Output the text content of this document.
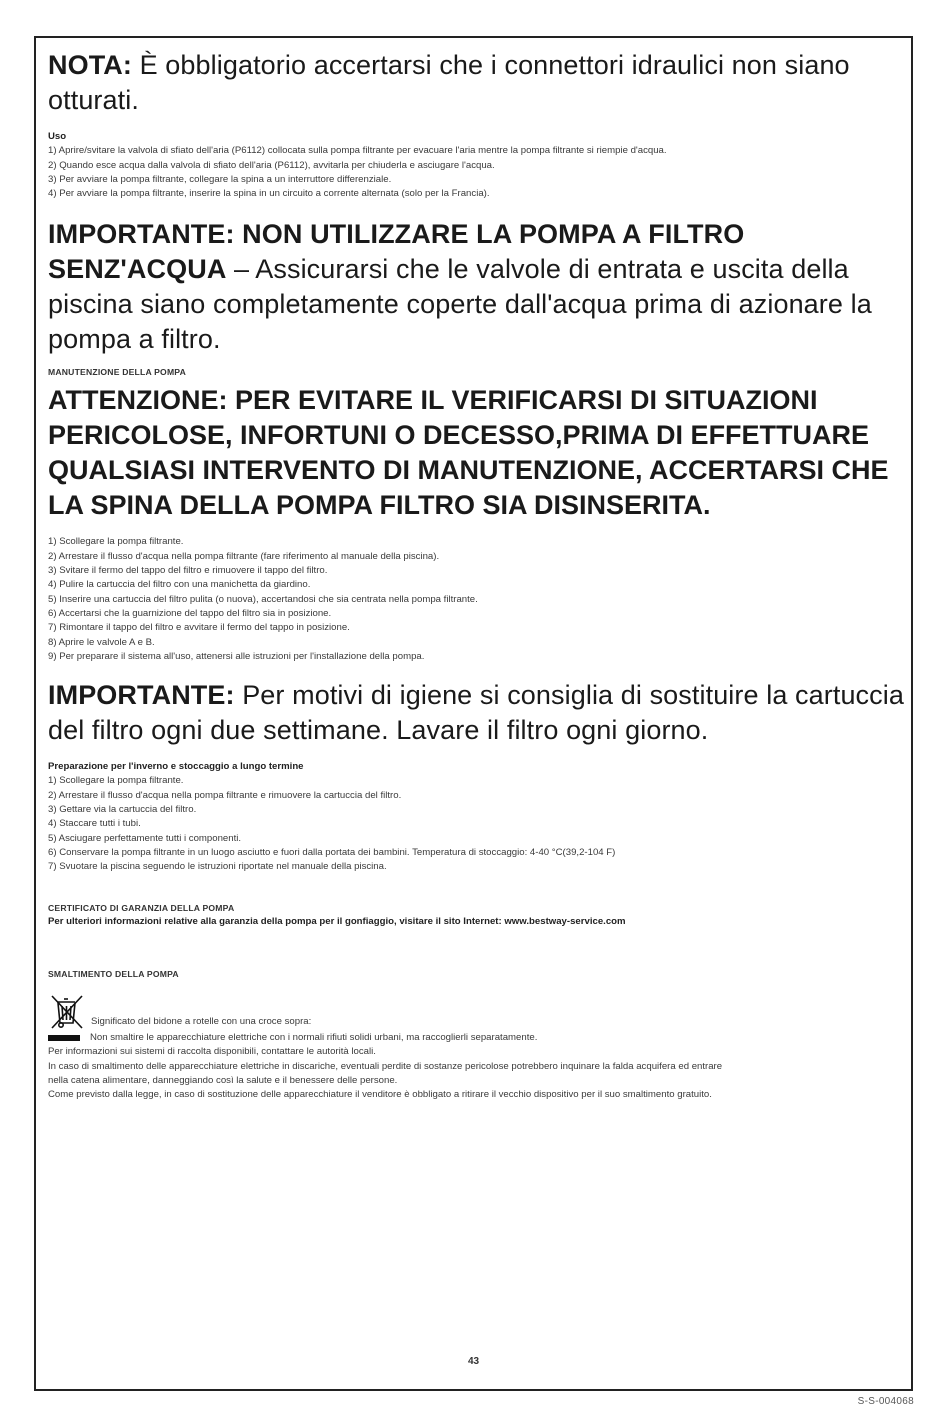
NOTA: È obbligatorio accertarsi che i connettori idraulici non siano otturati.

Uso
1) Aprire/svitare la valvola di sfiato dell'aria (P6112) collocata sulla pompa filtrante per evacuare l'aria mentre la pompa filtrante si riempie d'acqua.
2) Quando esce acqua dalla valvola di sfiato dell'aria (P6112), avvitarla per chiuderla e asciugare l'acqua.
3) Per avviare la pompa filtrante, collegare la spina a un interruttore differenziale.
4) Per avviare la pompa filtrante, inserire la spina in un circuito a corrente alternata (solo per la Francia).

IMPORTANTE: NON UTILIZZARE LA POMPA A FILTRO SENZ'ACQUA – Assicurarsi che le valvole di entrata e uscita della piscina siano completamente coperte dall'acqua prima di azionare la pompa a filtro.

MANUTENZIONE DELLA POMPA

ATTENZIONE: PER EVITARE IL VERIFICARSI DI SITUAZIONI PERICOLOSE, INFORTUNI O DECESSO,PRIMA DI EFFETTUARE QUALSIASI INTERVENTO DI MANUTENZIONE, ACCERTARSI CHE LA SPINA DELLA POMPA FILTRO SIA DISINSERITA.

1) Scollegare la pompa filtrante.
2) Arrestare il flusso d'acqua nella pompa filtrante (fare riferimento al manuale della piscina).
3) Svitare il fermo del tappo del filtro e rimuovere il tappo del filtro.
4) Pulire la cartuccia del filtro con una manichetta da giardino.
5) Inserire una cartuccia del filtro pulita (o nuova), accertandosi che sia centrata nella pompa filtrante.
6) Accertarsi che la guarnizione del tappo del filtro sia in posizione.
7) Rimontare il tappo del filtro e avvitare il fermo del tappo in posizione.
8) Aprire le valvole A e B.
9) Per preparare il sistema all'uso, attenersi alle istruzioni per l'installazione della pompa.

IMPORTANTE: Per motivi di igiene si consiglia di sostituire la cartuccia del filtro ogni due settimane. Lavare il filtro ogni giorno.

Preparazione per l'inverno e stoccaggio a lungo termine
1) Scollegare la pompa filtrante.
2) Arrestare il flusso d'acqua nella pompa filtrante e rimuovere la cartuccia del filtro.
3) Gettare via la cartuccia del filtro.
4) Staccare tutti i tubi.
5) Asciugare perfettamente tutti i componenti.
6) Conservare la pompa filtrante in un luogo asciutto e fuori dalla portata dei bambini. Temperatura di stoccaggio: 4-40 °C(39,2-104 F)
7) Svuotare la piscina seguendo le istruzioni riportate nel manuale della piscina.
CERTIFICATO DI GARANZIA DELLA POMPA
Per ulteriori informazioni relative alla garanzia della pompa per il gonfiaggio, visitare il sito Internet: www.bestway-service.com
SMALTIMENTO DELLA POMPA
Significato del bidone a rotelle con una croce sopra:
Non smaltire le apparecchiature elettriche con i normali rifiuti solidi urbani, ma raccoglierli separatamente.
Per informazioni sui sistemi di raccolta disponibili, contattare le autorità locali.
In caso di smaltimento delle apparecchiature elettriche in discariche, eventuali perdite di sostanze pericolose potrebbero inquinare la falda acquifera ed entrare
nella catena alimentare, danneggiando così la salute e il benessere delle persone.
Come previsto dalla legge, in caso di sostituzione delle apparecchiature il venditore è obbligato a ritirare il vecchio dispositivo per il suo smaltimento gratuito.
43
S-S-004068
